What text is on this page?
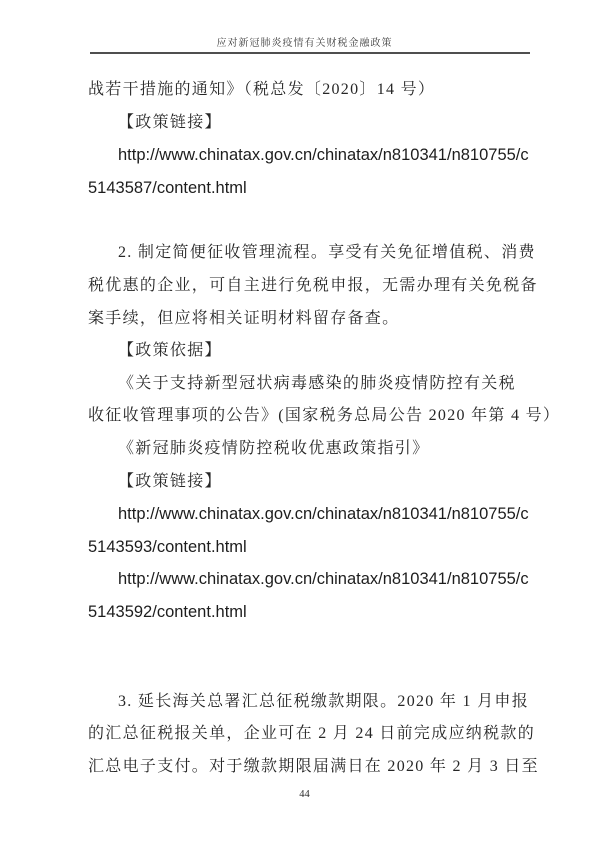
应对新冠肺炎疫情有关财税金融政策
战若干措施的通知》（税总发〔2020〕14 号）
【政策链接】
http://www.chinatax.gov.cn/chinatax/n810341/n810755/c
5143587/content.html
2. 制定简便征收管理流程。享受有关免征增值税、消费
税优惠的企业，可自主进行免税申报，无需办理有关免税备
案手续，但应将相关证明材料留存备查。
【政策依据】
《关于支持新型冠状病毒感染的肺炎疫情防控有关税
收征收管理事项的公告》(国家税务总局公告 2020 年第 4 号）
《新冠肺炎疫情防控税收优惠政策指引》
【政策链接】
http://www.chinatax.gov.cn/chinatax/n810341/n810755/c
5143593/content.html
http://www.chinatax.gov.cn/chinatax/n810341/n810755/c
5143592/content.html
3. 延长海关总署汇总征税缴款期限。2020 年 1 月申报
的汇总征税报关单，企业可在 2 月 24 日前完成应纳税款的
汇总电子支付。对于缴款期限届满日在 2020 年 2 月 3 日至
44
